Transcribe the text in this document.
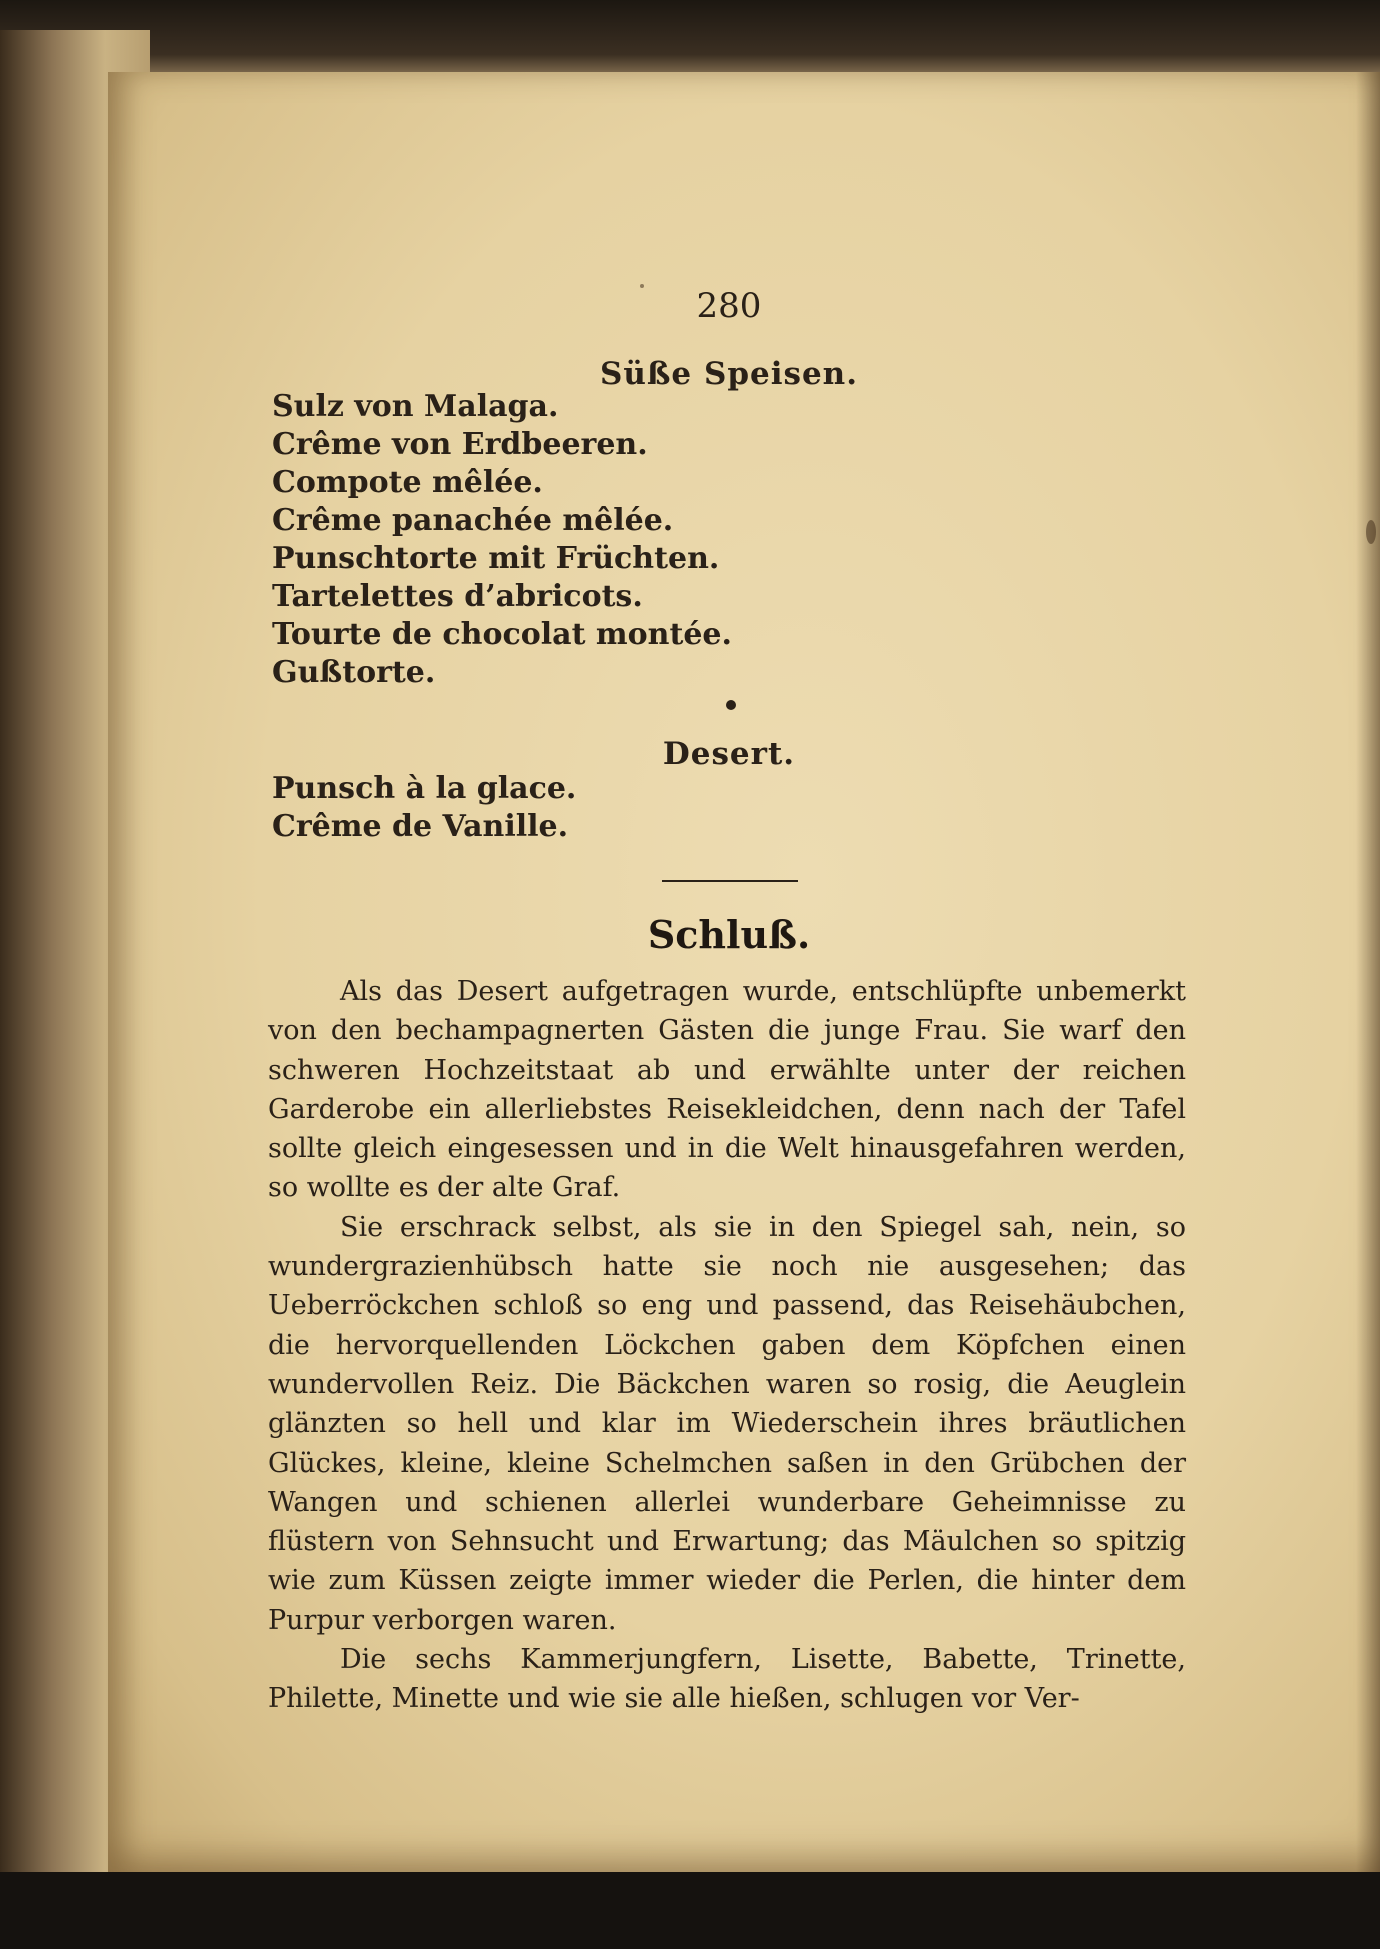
280
Süße Speisen.
Sulz von Malaga.
Crême von Erdbeeren.
Compote mêlée.
Crême panachée mêlée.
Punschtorte mit Früchten.
Tartelettes d’abricots.
Tourte de chocolat montée.
Gußtorte.
Desert.
Punsch à la glace.
Crême de Vanille.
Schluß.

Als das Desert aufgetragen wurde, entschlüpfte unbemerkt von den bechampagnerten Gästen die junge Frau. Sie warf den schweren Hochzeitstaat ab und erwählte unter der reichen Garderobe ein allerliebstes Reisekleidchen, denn nach der Tafel sollte gleich eingesessen und in die Welt hinausgefahren werden, so wollte es der alte Graf.

Sie erschrack selbst, als sie in den Spiegel sah, nein, so wundergrazienhübsch hatte sie noch nie ausgesehen; das Ueberröckchen schloß so eng und passend, das Reisehäubchen, die hervorquellenden Löckchen gaben dem Köpfchen einen wundervollen Reiz. Die Bäckchen waren so rosig, die Aeuglein glänzten so hell und klar im Wiederschein ihres bräutlichen Glückes, kleine, kleine Schelmchen saßen in den Grübchen der Wangen und schienen allerlei wunderbare Geheimnisse zu flüstern von Sehnsucht und Erwartung; das Mäulchen so spitzig wie zum Küssen zeigte immer wieder die Perlen, die hinter dem Purpur verborgen waren.

Die sechs Kammerjungfern, Lisette, Babette, Trinette, Philette, Minette und wie sie alle hießen, schlugen vor Ver-
